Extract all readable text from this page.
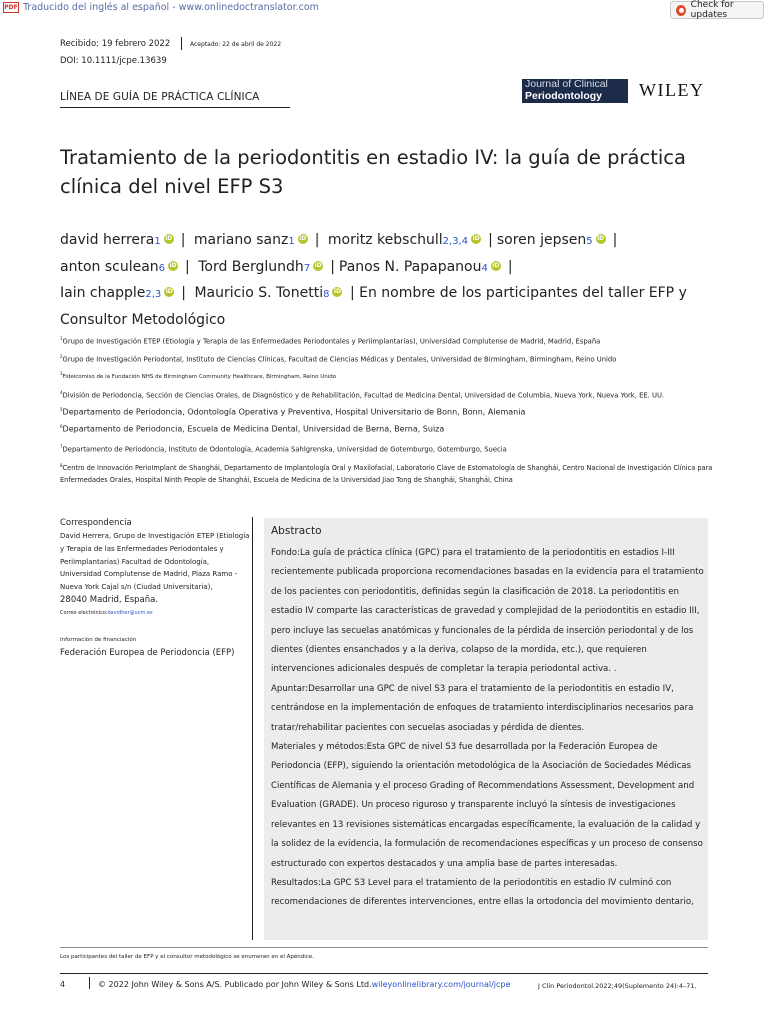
PDF Traducido del inglés al español - www.onlinedoctranslator.com	Check for updates
Recibido: 19 febrero 2022	Aceptado: 22 de abril de 2022
DOI: 10.1111/jcpe.13639
LÍNEA DE GUÍA DE PRÁCTICA CLÍNICA
Journal of Clinical
Periodontology WILEY
Tratamiento de la periodontitis en estadio IV: la guía de práctica clínica del nivel EFP S3
david herrera1 iD | mariano sanz1 iD | moritz kebschull2,3,4 iD | soren jepsen5 iD |
anton sculean6 iD | Tord Berglundh7 iD | Panos N. Papapanou4 iD |
Iain chapple2,3 iD | Mauricio S. Tonetti8 iD | En nombre de los participantes del taller EFP y Consultor Metodológico
$^1$Grupo de Investigación ETEP (Etiología y Terapia de las Enfermedades Periodontales y Periimplantarias), Universidad Complutense de Madrid, Madrid, España
$^2$Grupo de Investigación Periodontal, Instituto de Ciencias Clínicas, Facultad de Ciencias Médicas y Dentales, Universidad de Birmingham, Birmingham, Reino Unido
$^3$Fideicomiso de la Fundación NHS de Birmingham Community Healthcare, Birmingham, Reino Unido
$^4$División de Periodoncia, Sección de Ciencias Orales, de Diagnóstico y de Rehabilitación, Facultad de Medicina Dental, Universidad de Columbia, Nueva York, Nueva York, EE. UU.
$^5$Departamento de Periodoncia, Odontología Operativa y Preventiva, Hospital Universitario de Bonn, Bonn, Alemania
$^6$Departamento de Periodoncia, Escuela de Medicina Dental, Universidad de Berna, Berna, Suiza
$^7$Departamento de Periodoncia, Instituto de Odontología, Academia Sahlgrenska, Universidad de Gotemburgo, Gotemburgo, Suecia
$^8$Centro de Innovación PerioImplant de Shanghái, Departamento de Implantología Oral y Maxilofacial, Laboratorio Clave de Estomatología de Shanghái, Centro Nacional de Investigación Clínica para Enfermedades Orales, Hospital Ninth People de Shanghái, Escuela de Medicina de la Universidad Jiao Tong de Shanghái, Shanghái, China
Correspondencia
David Herrera, Grupo de Investigación ETEP (Etiología y Terapia de las Enfermedades Periodontales y Periimplantarias) Facultad de Odontología, Universidad Complutense de Madrid, Plaza Ramo - Nueva York Cajal s/n (Ciudad Universitaria),
28040 Madrid, España.
Correo electrónico:davidher@ucm.es
Información de financiación
Federación Europea de Periodoncia (EFP)
Abstracto
Fondo:La guía de práctica clínica (GPC) para el tratamiento de la periodontitis en estadios I-III recientemente publicada proporciona recomendaciones basadas en la evidencia para el tratamiento de los pacientes con periodontitis, definidas según la clasificación de 2018. La periodontitis en estadio IV comparte las características de gravedad y complejidad de la periodontitis en estadio III, pero incluye las secuelas anatómicas y funcionales de la pérdida de inserción periodontal y de los dientes (dientes ensanchados y a la deriva, colapso de la mordida, etc.), que requieren intervenciones adicionales después de completar la terapia periodontal activa. .
Apuntar:Desarrollar una GPC de nivel S3 para el tratamiento de la periodontitis en estadio IV, centrándose en la implementación de enfoques de tratamiento interdisciplinarios necesarios para tratar/rehabilitar pacientes con secuelas asociadas y pérdida de dientes.
Materiales y métodos:Esta GPC de nivel S3 fue desarrollada por la Federación Europea de Periodoncia (EFP), siguiendo la orientación metodológica de la Asociación de Sociedades Médicas Científicas de Alemania y el proceso Grading of Recommendations Assessment, Development and Evaluation (GRADE). Un proceso riguroso y transparente incluyó la síntesis de investigaciones relevantes en 13 revisiones sistemáticas encargadas específicamente, la evaluación de la calidad y la solidez de la evidencia, la formulación de recomendaciones específicas y un proceso de consenso estructurado con expertos destacados y una amplia base de partes interesadas.
Resultados:La GPC S3 Level para el tratamiento de la periodontitis en estadio IV culminó con recomendaciones de diferentes intervenciones, entre ellas la ortodoncia del movimiento dentario,
Los participantes del taller de EFP y el consultor metodológico se enumeran en el Apéndice.
4	© 2022 John Wiley & Sons A/S. Publicado por John Wiley & Sons Ltd.wileyonlinelibrary.com/journal/jcpe	J Clin Periodontol.2022;49(Suplemento 24):4–71.
